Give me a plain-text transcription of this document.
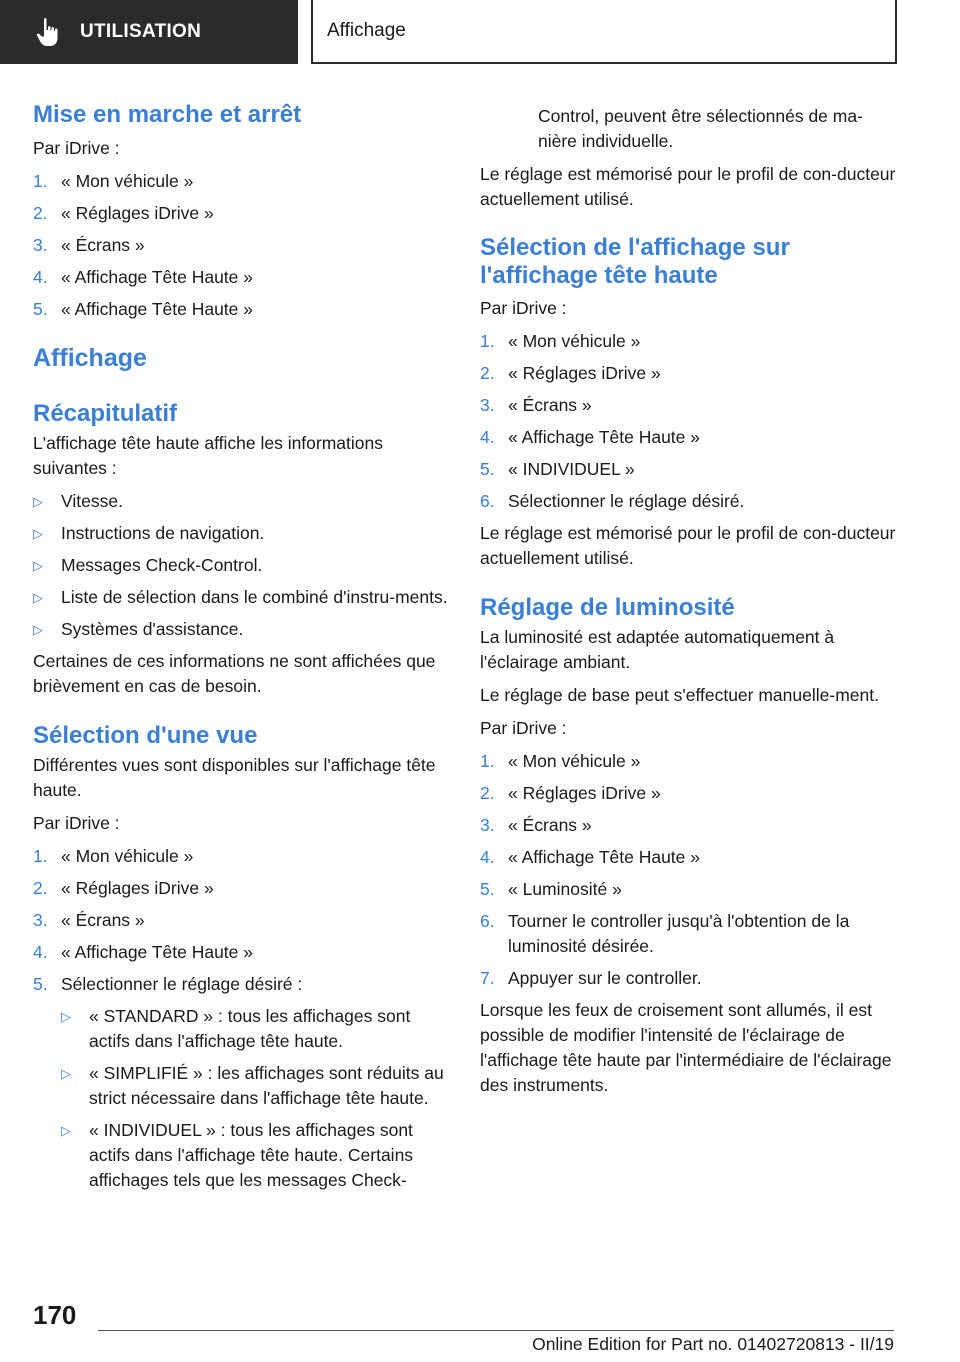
UTILISATION	Affichage
Mise en marche et arrêt

Par iDrive :

1. « Mon véhicule »
2. « Réglages iDrive »
3. « Écrans »
4. « Affichage Tête Haute »
5. « Affichage Tête Haute »
Affichage
Récapitulatif

L'affichage tête haute affiche les informations suivantes :

▷ Vitesse.
▷ Instructions de navigation.
▷ Messages Check-Control.
▷ Liste de sélection dans le combiné d'instru-ments.
▷ Systèmes d'assistance.

Certaines de ces informations ne sont affichées que brièvement en cas de besoin.

Sélection d'une vue

Différentes vues sont disponibles sur l'affichage tête haute.

Par iDrive :

1. « Mon véhicule »
2. « Réglages iDrive »
3. « Écrans »
4. « Affichage Tête Haute »
5. Sélectionner le réglage désiré :
▷ « STANDARD » : tous les affichages sont actifs dans l'affichage tête haute.
▷ « SIMPLIFIÉ » : les affichages sont réduits au strict nécessaire dans l'affichage tête haute.
▷ « INDIVIDUEL » : tous les affichages sont actifs dans l'affichage tête haute. Certains affichages tels que les messages Check-

Control, peuvent être sélectionnés de ma-nière individuelle.

Le réglage est mémorisé pour le profil de con-ducteur actuellement utilisé.

Sélection de l'affichage sur l'affichage tête haute

Par iDrive :

1. « Mon véhicule »
2. « Réglages iDrive »
3. « Écrans »
4. « Affichage Tête Haute »
5. « INDIVIDUEL »
6. Sélectionner le réglage désiré.

Le réglage est mémorisé pour le profil de con-ducteur actuellement utilisé.

Réglage de luminosité

La luminosité est adaptée automatiquement à l'éclairage ambiant.

Le réglage de base peut s'effectuer manuelle-ment.

Par iDrive :

1. « Mon véhicule »
2. « Réglages iDrive »
3. « Écrans »
4. « Affichage Tête Haute »
5. « Luminosité »
6. Tourner le controller jusqu'à l'obtention de la luminosité désirée.
7. Appuyer sur le controller.

Lorsque les feux de croisement sont allumés, il est possible de modifier l'intensité de l'éclairage de l'affichage tête haute par l'intermédiaire de l'éclairage des instruments.

170
Online Edition for Part no. 01402720813 - II/19
